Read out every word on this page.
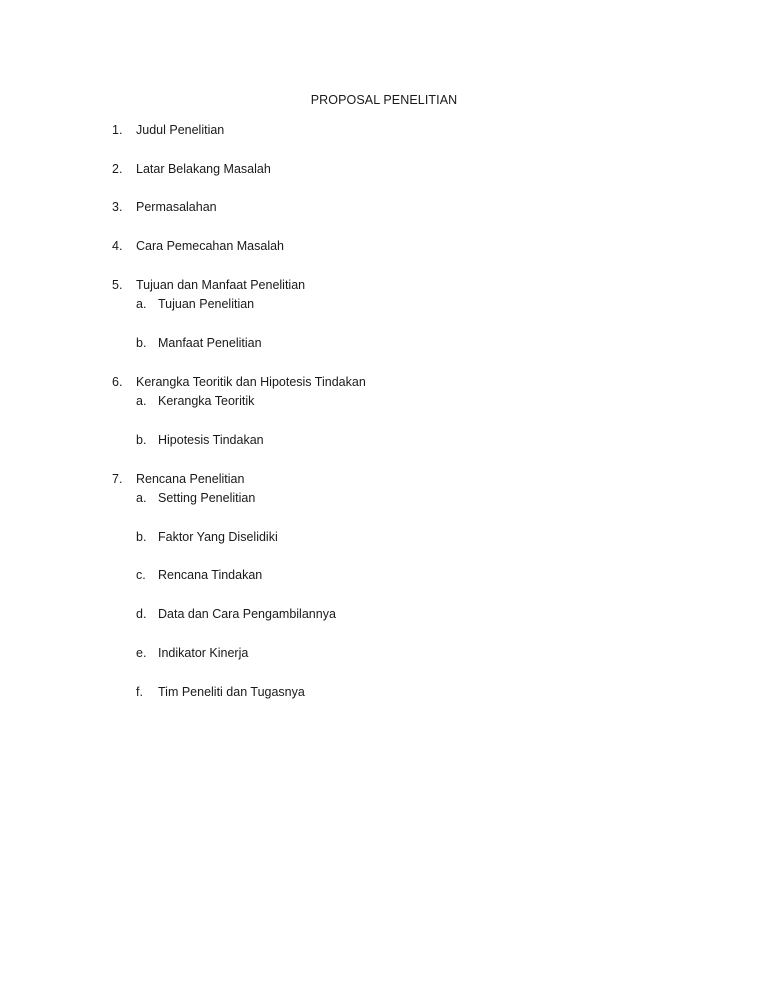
PROPOSAL PENELITIAN
1. Judul Penelitian
2. Latar Belakang Masalah
3. Permasalahan
4. Cara Pemecahan Masalah
5. Tujuan dan Manfaat Penelitian
a. Tujuan Penelitian
b. Manfaat Penelitian
6. Kerangka Teoritik dan Hipotesis Tindakan
a. Kerangka Teoritik
b. Hipotesis Tindakan
7. Rencana Penelitian
a. Setting Penelitian
b. Faktor Yang Diselidiki
c. Rencana Tindakan
d. Data dan Cara Pengambilannya
e. Indikator Kinerja
f. Tim Peneliti dan Tugasnya
